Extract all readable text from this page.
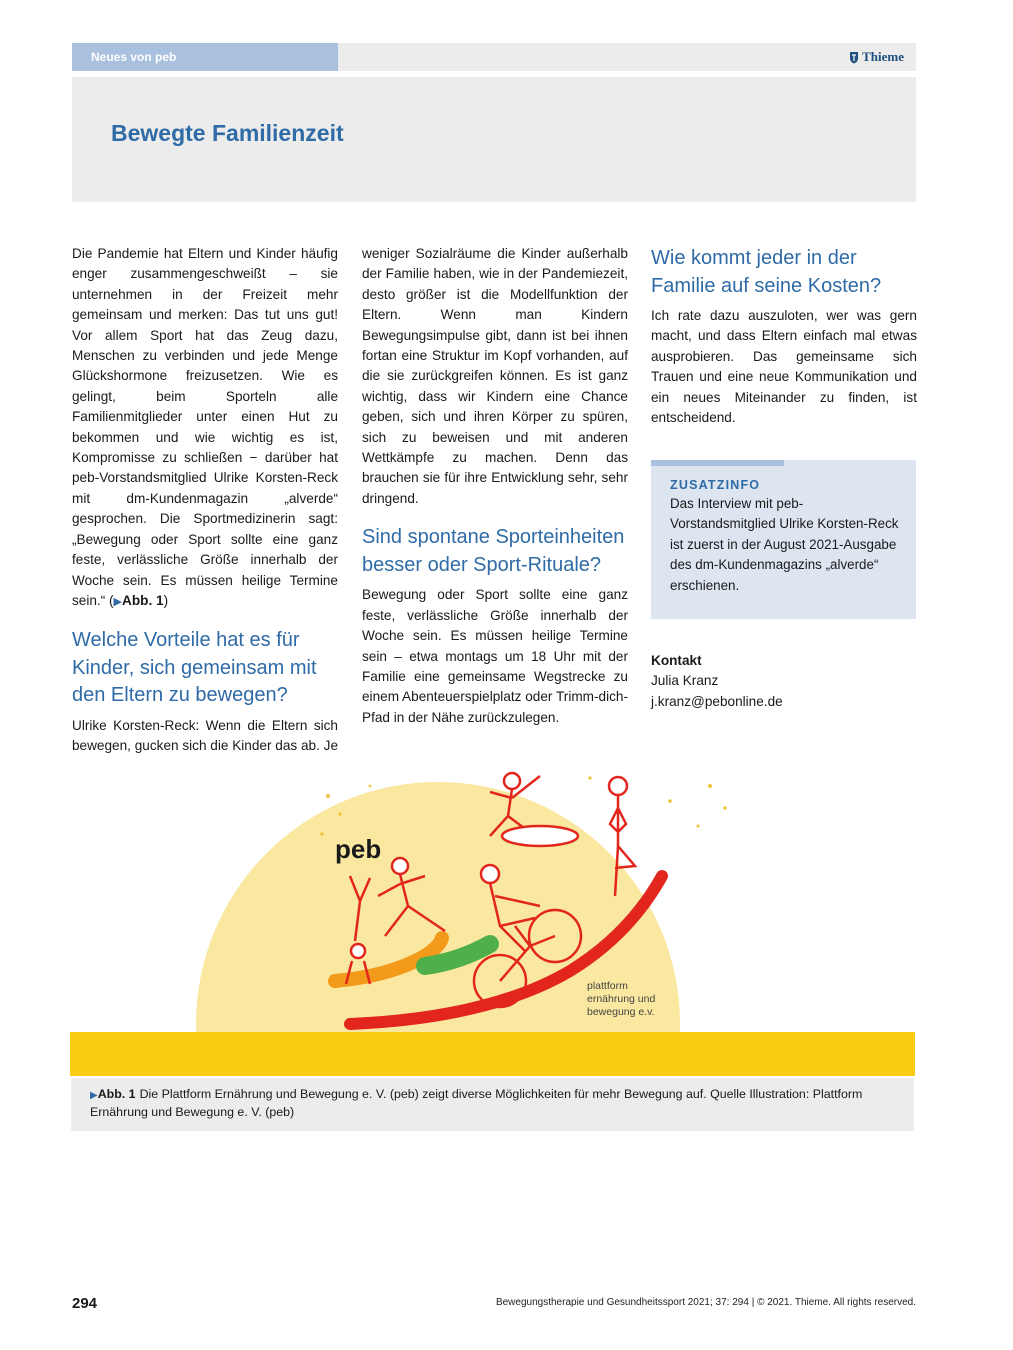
Neues von peb	Thieme
Bewegte Familienzeit

Die Pandemie hat Eltern und Kinder häufig enger zusammengeschweißt – sie unternehmen in der Freizeit mehr gemeinsam und merken: Das tut uns gut! Vor allem Sport hat das Zeug dazu, Menschen zu verbinden und jede Menge Glückshormone freizusetzen. Wie es gelingt, beim Sporteln alle Familienmitglieder unter einen Hut zu bekommen und wie wichtig es ist, Kompromisse zu schließen − darüber hat peb-Vorstandsmitglied Ulrike Korsten-Reck mit dm-Kundenmagazin „alverde“ gesprochen. Die Sportmedizinerin sagt: „Bewegung oder Sport sollte eine ganz feste, verlässliche Größe innerhalb der Woche sein. Es müssen heilige Termine sein.“ (▶Abb. 1)

Welche Vorteile hat es für Kinder, sich gemeinsam mit den Eltern zu bewegen?

Ulrike Korsten-Reck: Wenn die Eltern sich bewegen, gucken sich die Kinder das ab. Je

weniger Sozialräume die Kinder außerhalb der Familie haben, wie in der Pandemiezeit, desto größer ist die Modellfunktion der Eltern. Wenn man Kindern Bewegungsimpulse gibt, dann ist bei ihnen fortan eine Struktur im Kopf vorhanden, auf die sie zurückgreifen können. Es ist ganz wichtig, dass wir Kindern eine Chance geben, sich und ihren Körper zu spüren, sich zu beweisen und mit anderen Wettkämpfe zu machen. Denn das brauchen sie für ihre Entwicklung sehr, sehr dringend.

Sind spontane Sporteinheiten besser oder Sport-Rituale?

Bewegung oder Sport sollte eine ganz feste, verlässliche Größe innerhalb der Woche sein. Es müssen heilige Termine sein – etwa montags um 18 Uhr mit der Familie eine gemeinsame Wegstrecke zu einem Abenteuerspielplatz oder Trimm-dich-Pfad in der Nähe zurückzulegen.

Wie kommt jeder in der Familie auf seine Kosten?

Ich rate dazu auszuloten, wer was gern macht, und dass Eltern einfach mal etwas ausprobieren. Das gemeinsame sich Trauen und eine neue Kommunikation und ein neues Miteinander zu finden, ist entscheidend.

ZUSATZINFO
Das Interview mit peb-Vorstandsmitglied Ulrike Korsten-Reck ist zuerst in der August 2021-Ausgabe des dm-Kundenmagazins „alverde“ erschienen.
Kontakt
Julia Kranz
j.kranz@pebonline.de
peb
plattform
ernährung und
bewegung e.v.
▶Abb. 1 Die Plattform Ernährung und Bewegung e. V. (peb) zeigt diverse Möglichkeiten für mehr Bewegung auf. Quelle Illustration: Plattform Ernährung und Bewegung e. V. (peb)
294	Bewegungstherapie und Gesundheitssport 2021; 37: 294 | © 2021. Thieme. All rights reserved.
